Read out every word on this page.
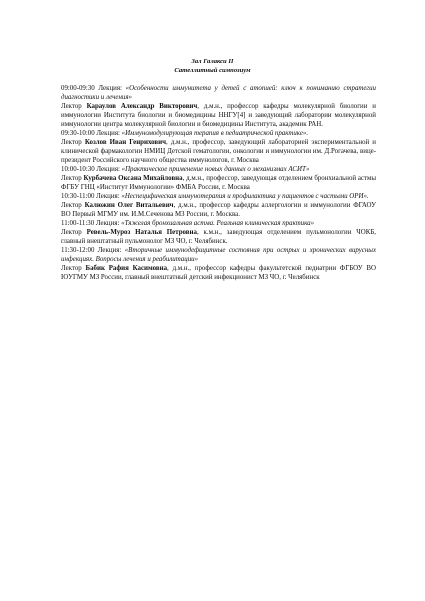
Зал Галакси II
Сателлитный симпозиум

09:00-09:30 Лекция: «Особенности иммунитета у детей с атопией: ключ к пониманию стратегии диагностики и лечения»

Лектор Караулов Александр Викторович, д.м.н., профессор кафедры молекулярной биологии и иммунологии Института биологии и биомедицины ННГУ[4] и заведующий лаборатории молекулярной иммунологии центра молекулярной биологии и биомедицины Института, академик РАН.

09:30-10:00 Лекция: «Иммуномодулирующая терапия в педиатрической практике».

Лектор Козлов Иван Генрихович, д.м.н., профессор, заведующий лабораторией экспериментальной и клинической фармакологии НМИЦ Детской гематологии, онкологии и иммунологии им. Д.Рогачева, вице-президент Российского научного общества иммунологов, г. Москва

10:00-10:30 Лекция: «Практическое применение новых данных о механизмах АСИТ»

Лектор Курбачева Оксана Михайловна, д.м.н., профессор, заведующая отделением бронхиальной астмы ФГБУ ГНЦ «Институт Иммунологии» ФМБА России, г. Москва

10:30-11:00 Лекция: «Неспецифическая иммунотерапия и профилактика у пациентов с частыми ОРИ».

Лектор Калюжин Олег Витальевич, д.м.н., профессор кафедры аллергологии и иммунологии ФГАОУ ВО Первый МГМУ им. И.М.Сеченова МЗ России, г. Москва.

11:00-11:30 Лекция: «Тяжелая бронхиальная астма. Реальная клиническая практика»

Лектор Ревель-Муроз Наталья Петровна, к.м.н., заведующая отделением пульмонологии ЧОКБ, главный внештатный пульмонолог МЗ ЧО, г. Челябинск.

11:30-12:00 Лекция: «Вторичные иммунодефицитные состояния при острых и хронических вирусных инфекциях. Вопросы лечения и реабилитации»

Лектор Бабик Рафия Касимовна, д.м.н., профессор кафедры факультетской педиатрии ФГБОУ ВО ЮУГМУ МЗ России, главный внештатный детский инфекционист МЗ ЧО, г. Челябинск
